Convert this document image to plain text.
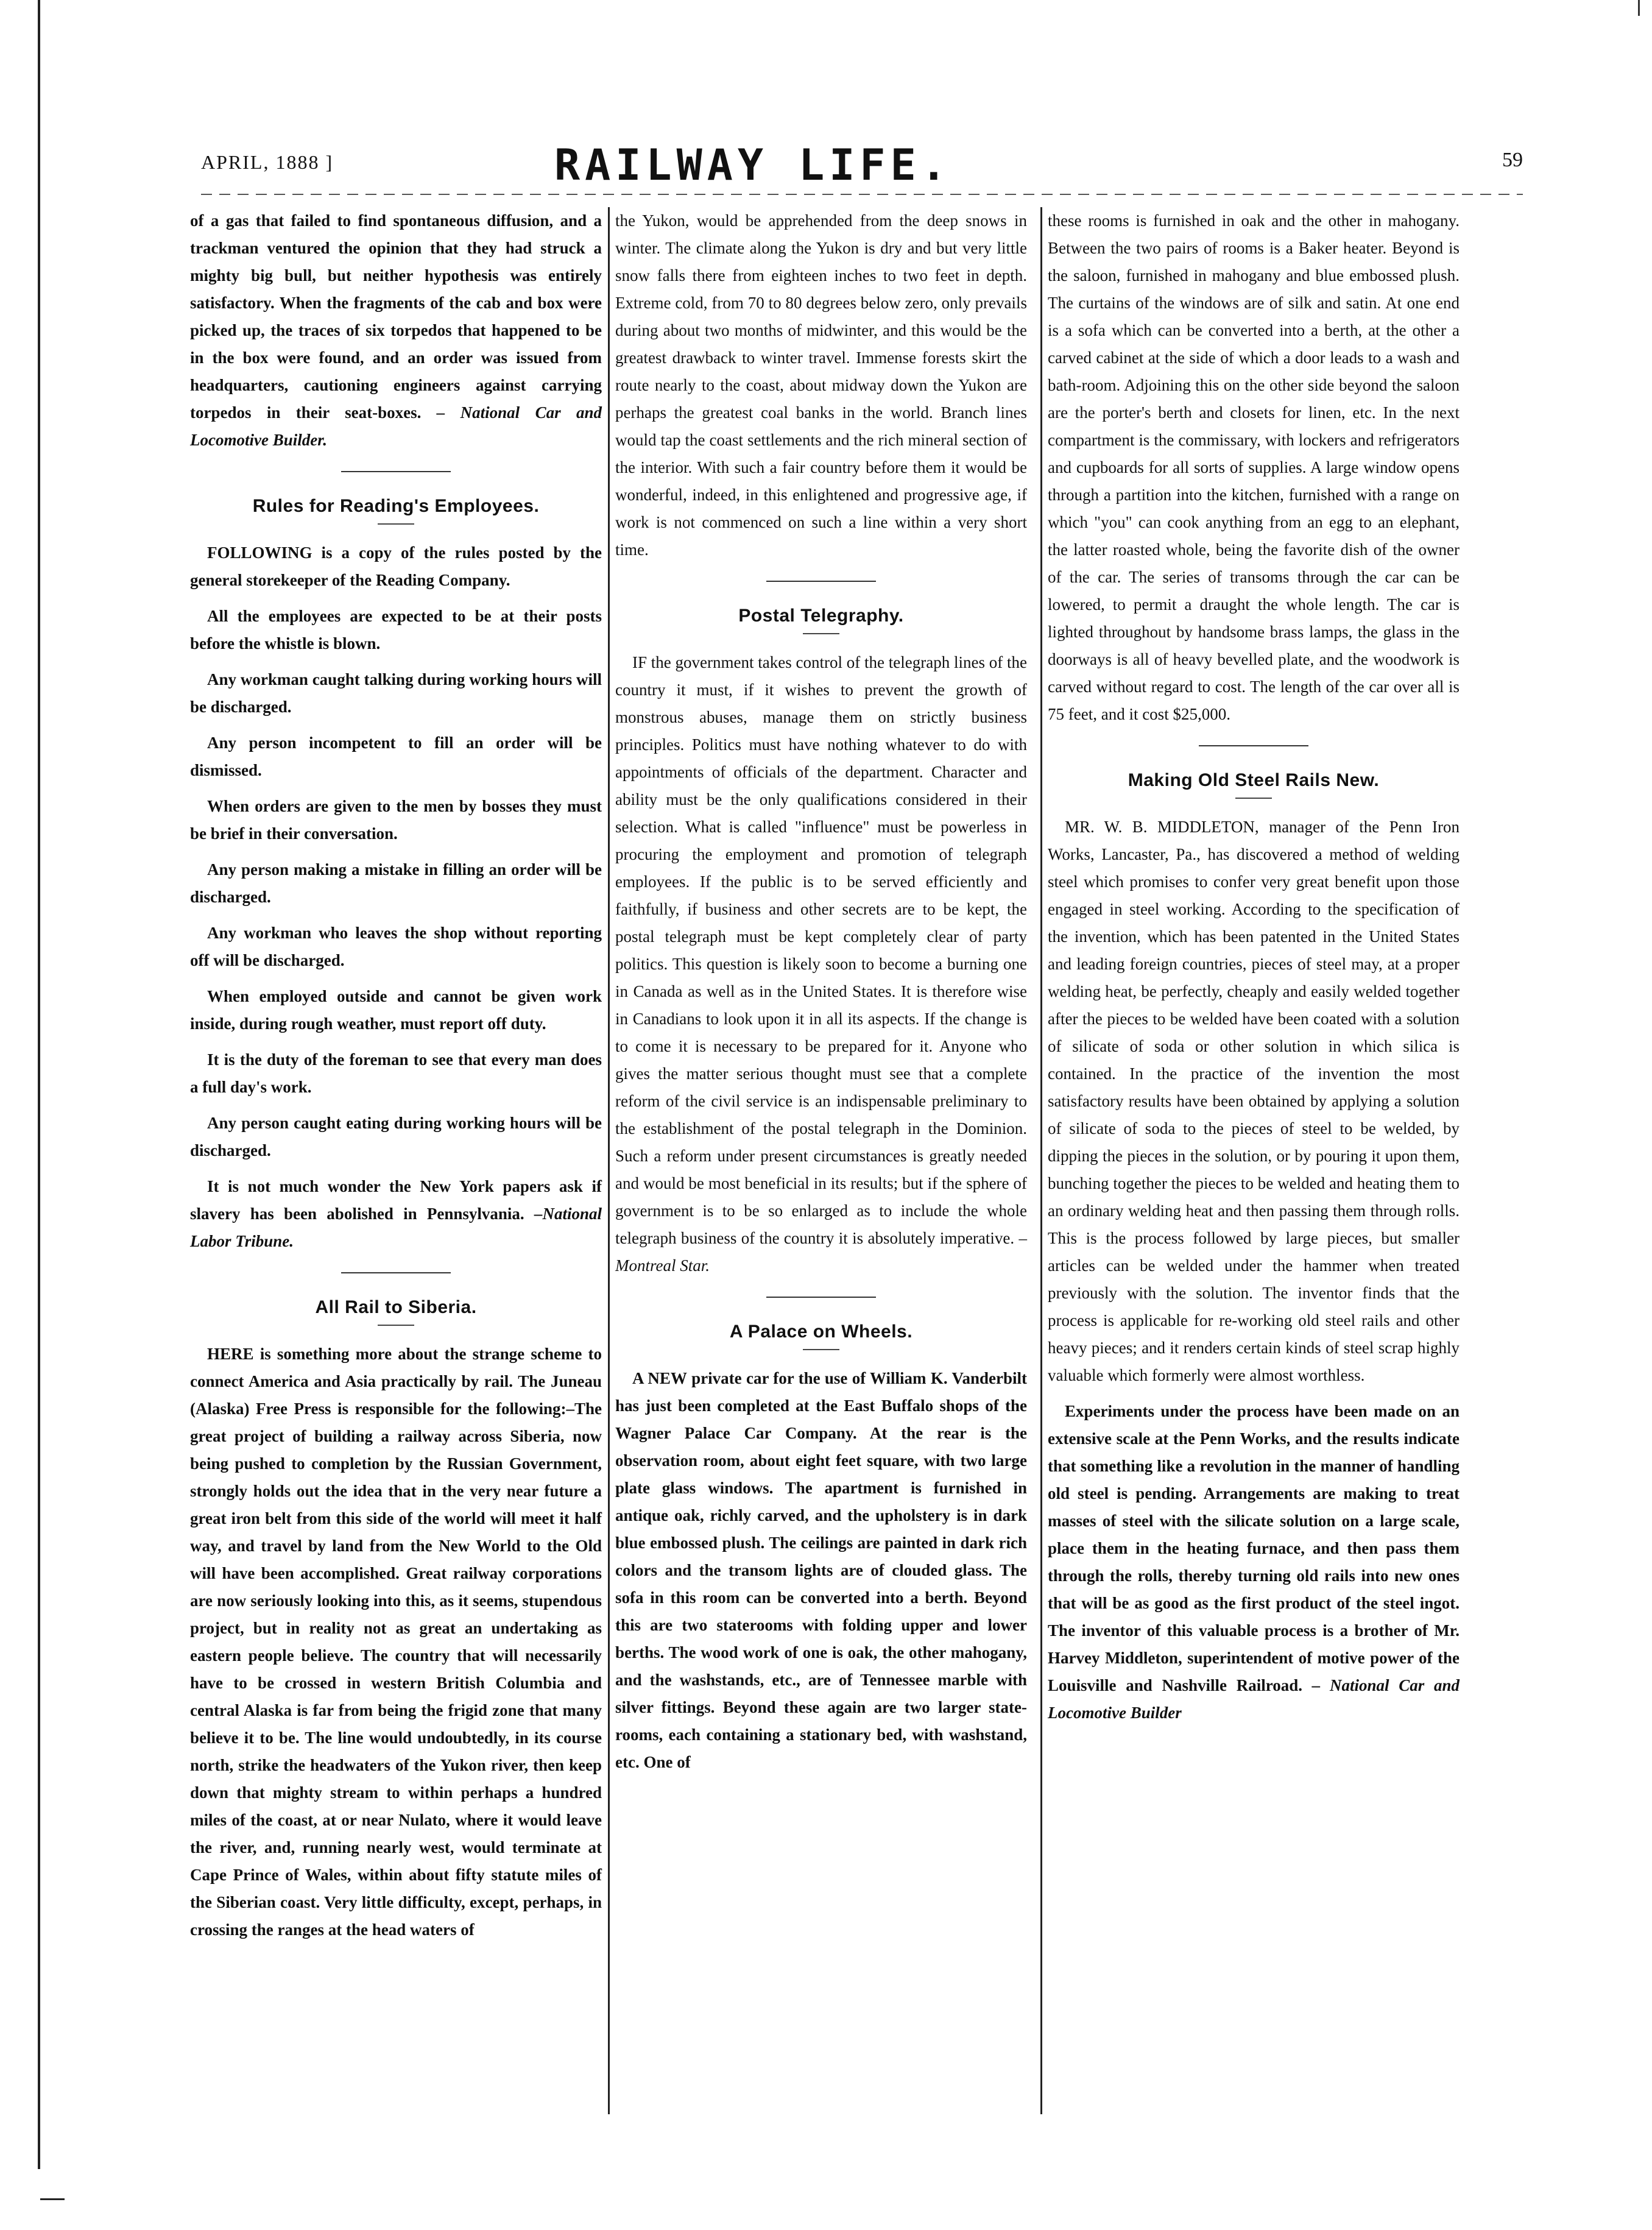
APRIL, 1888 ]	RAILWAY LIFE.	59

of a gas that failed to find spontaneous diffusion, and a trackman ventured the opinion that they had struck a mighty big bull, but neither hypothesis was entirely satisfactory. When the fragments of the cab and box were picked up, the traces of six torpedos that happened to be in the box were found, and an order was issued from headquarters, cautioning engineers against carrying torpedos in their seat-boxes. – National Car and Locomotive Builder.

Rules for Reading's Employees.

FOLLOWING is a copy of the rules posted by the general storekeeper of the Reading Company.

All the employees are expected to be at their posts before the whistle is blown.

Any workman caught talking during working hours will be discharged.

Any person incompetent to fill an order will be dismissed.

When orders are given to the men by bosses they must be brief in their conversation.

Any person making a mistake in filling an order will be discharged.

Any workman who leaves the shop without reporting off will be discharged.

When employed outside and cannot be given work inside, during rough weather, must report off duty.

It is the duty of the foreman to see that every man does a full day's work.

Any person caught eating during working hours will be discharged.

It is not much wonder the New York papers ask if slavery has been abolished in Pennsylvania. –National Labor Tribune.

All Rail to Siberia.

HERE is something more about the strange scheme to connect America and Asia practically by rail. The Juneau (Alaska) Free Press is responsible for the following:–The great project of building a railway across Siberia, now being pushed to completion by the Russian Government, strongly holds out the idea that in the very near future a great iron belt from this side of the world will meet it half way, and travel by land from the New World to the Old will have been accomplished. Great railway corporations are now seriously looking into this, as it seems, stupendous project, but in reality not as great an undertaking as eastern people believe. The country that will necessarily have to be crossed in western British Columbia and central Alaska is far from being the frigid zone that many believe it to be. The line would undoubtedly, in its course north, strike the headwaters of the Yukon river, then keep down that mighty stream to within perhaps a hundred miles of the coast, at or near Nulato, where it would leave the river, and, running nearly west, would terminate at Cape Prince of Wales, within about fifty statute miles of the Siberian coast. Very little difficulty, except, perhaps, in crossing the ranges at the head waters of

the Yukon, would be apprehended from the deep snows in winter. The climate along the Yukon is dry and but very little snow falls there from eighteen inches to two feet in depth. Extreme cold, from 70 to 80 degrees below zero, only prevails during about two months of midwinter, and this would be the greatest drawback to winter travel. Immense forests skirt the route nearly to the coast, about midway down the Yukon are perhaps the greatest coal banks in the world. Branch lines would tap the coast settlements and the rich mineral section of the interior. With such a fair country before them it would be wonderful, indeed, in this enlightened and progressive age, if work is not commenced on such a line within a very short time.

Postal Telegraphy.

IF the government takes control of the telegraph lines of the country it must, if it wishes to prevent the growth of monstrous abuses, manage them on strictly business principles. Politics must have nothing whatever to do with appointments of officials of the department. Character and ability must be the only qualifications considered in their selection. What is called "influence" must be powerless in procuring the employment and promotion of telegraph employees. If the public is to be served efficiently and faithfully, if business and other secrets are to be kept, the postal telegraph must be kept completely clear of party politics. This question is likely soon to become a burning one in Canada as well as in the United States. It is therefore wise in Canadians to look upon it in all its aspects. If the change is to come it is necessary to be prepared for it. Anyone who gives the matter serious thought must see that a complete reform of the civil service is an indispensable preliminary to the establishment of the postal telegraph in the Dominion. Such a reform under present circumstances is greatly needed and would be most beneficial in its results; but if the sphere of government is to be so enlarged as to include the whole telegraph business of the country it is absolutely imperative. – Montreal Star.

A Palace on Wheels.

A NEW private car for the use of William K. Vanderbilt has just been completed at the East Buffalo shops of the Wagner Palace Car Company. At the rear is the observation room, about eight feet square, with two large plate glass windows. The apartment is furnished in antique oak, richly carved, and the upholstery is in dark blue embossed plush. The ceilings are painted in dark rich colors and the transom lights are of clouded glass. The sofa in this room can be converted into a berth. Beyond this are two staterooms with folding upper and lower berths. The wood work of one is oak, the other mahogany, and the washstands, etc., are of Tennessee marble with silver fittings. Beyond these again are two larger state-rooms, each containing a stationary bed, with washstand, etc. One of

these rooms is furnished in oak and the other in mahogany. Between the two pairs of rooms is a Baker heater. Beyond is the saloon, furnished in mahogany and blue embossed plush. The curtains of the windows are of silk and satin. At one end is a sofa which can be converted into a berth, at the other a carved cabinet at the side of which a door leads to a wash and bath-room. Adjoining this on the other side beyond the saloon are the porter's berth and closets for linen, etc. In the next compartment is the commissary, with lockers and refrigerators and cupboards for all sorts of supplies. A large window opens through a partition into the kitchen, furnished with a range on which "you" can cook anything from an egg to an elephant, the latter roasted whole, being the favorite dish of the owner of the car. The series of transoms through the car can be lowered, to permit a draught the whole length. The car is lighted throughout by handsome brass lamps, the glass in the doorways is all of heavy bevelled plate, and the woodwork is carved without regard to cost. The length of the car over all is 75 feet, and it cost $25,000.

Making Old Steel Rails New.

MR. W. B. MIDDLETON, manager of the Penn Iron Works, Lancaster, Pa., has discovered a method of welding steel which promises to confer very great benefit upon those engaged in steel working. According to the specification of the invention, which has been patented in the United States and leading foreign countries, pieces of steel may, at a proper welding heat, be perfectly, cheaply and easily welded together after the pieces to be welded have been coated with a solution of silicate of soda or other solution in which silica is contained. In the practice of the invention the most satisfactory results have been obtained by applying a solution of silicate of soda to the pieces of steel to be welded, by dipping the pieces in the solution, or by pouring it upon them, bunching together the pieces to be welded and heating them to an ordinary welding heat and then passing them through rolls. This is the process followed by large pieces, but smaller articles can be welded under the hammer when treated previously with the solution. The inventor finds that the process is applicable for re-working old steel rails and other heavy pieces; and it renders certain kinds of steel scrap highly valuable which formerly were almost worthless.

Experiments under the process have been made on an extensive scale at the Penn Works, and the results indicate that something like a revolution in the manner of handling old steel is pending. Arrangements are making to treat masses of steel with the silicate solution on a large scale, place them in the heating furnace, and then pass them through the rolls, thereby turning old rails into new ones that will be as good as the first product of the steel ingot. The inventor of this valuable process is a brother of Mr. Harvey Middleton, superintendent of motive power of the Louisville and Nashville Railroad. – National Car and Locomotive Builder
